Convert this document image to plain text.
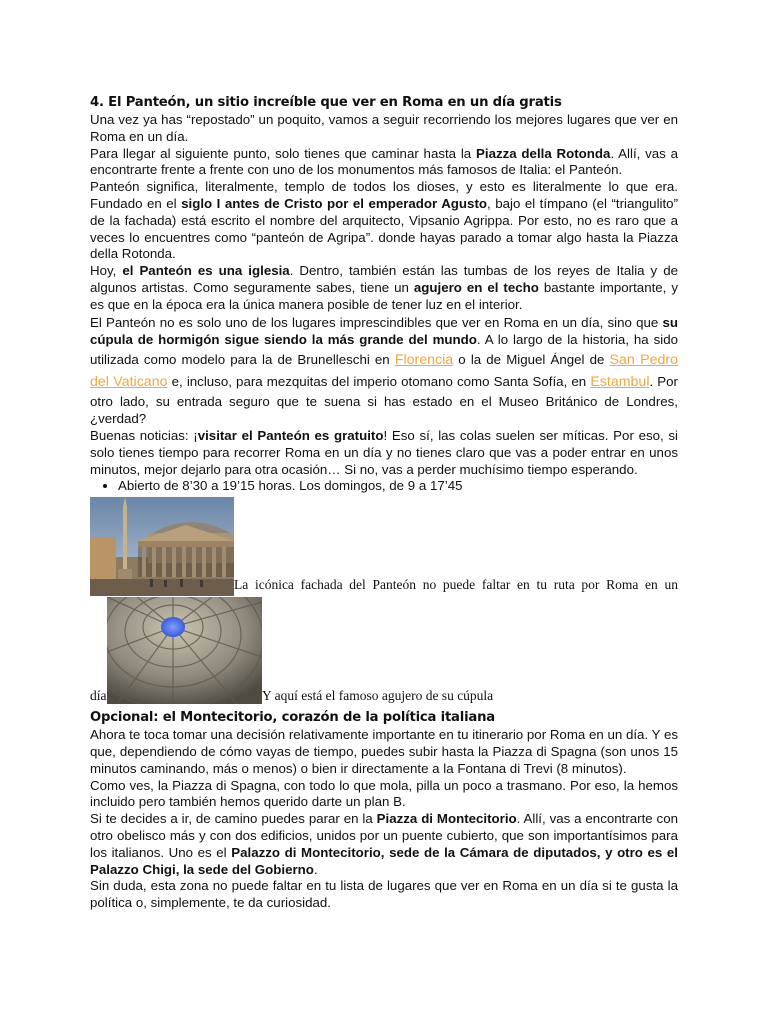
4. El Panteón, un sitio increíble que ver en Roma en un día gratis

Una vez ya has “repostado” un poquito, vamos a seguir recorriendo los mejores lugares que ver en Roma en un día.

Para llegar al siguiente punto, solo tienes que caminar hasta la Piazza della Rotonda. Allí, vas a encontrarte frente a frente con uno de los monumentos más famosos de Italia: el Panteón.

Panteón significa, literalmente, templo de todos los dioses, y esto es literalmente lo que era. Fundado en el siglo I antes de Cristo por el emperador Agusto, bajo el tímpano (el “triangulito” de la fachada) está escrito el nombre del arquitecto, Vipsanio Agrippa. Por esto, no es raro que a veces lo encuentres como “panteón de Agripa”. donde hayas parado a tomar algo hasta la Piazza della Rotonda.

Hoy, el Panteón es una iglesia. Dentro, también están las tumbas de los reyes de Italia y de algunos artistas. Como seguramente sabes, tiene un agujero en el techo bastante importante, y es que en la época era la única manera posible de tener luz en el interior.

El Panteón no es solo uno de los lugares imprescindibles que ver en Roma en un día, sino que su cúpula de hormigón sigue siendo la más grande del mundo. A lo largo de la historia, ha sido utilizada como modelo para la de Brunelleschi en Florencia o la de Miguel Ángel de San Pedro del Vaticano e, incluso, para mezquitas del imperio otomano como Santa Sofía, en Estambul. Por otro lado, su entrada seguro que te suena si has estado en el Museo Británico de Londres, ¿verdad?

Buenas noticias: ¡visitar el Panteón es gratuito! Eso sí, las colas suelen ser míticas. Por eso, si solo tienes tiempo para recorrer Roma en un día y no tienes claro que vas a poder entrar en unos minutos, mejor dejarlo para otra ocasión… Si no, vas a perder muchísimo tiempo esperando.

• Abierto de 8’30 a 19’15 horas. Los domingos, de 9 a 17’45
La icónica fachada del Panteón no puede faltar en tu ruta por Roma en un
día	Y aquí está el famoso agujero de su cúpula
Opcional: el Montecitorio, corazón de la política italiana

Ahora te toca tomar una decisión relativamente importante en tu itinerario por Roma en un día. Y es que, dependiendo de cómo vayas de tiempo, puedes subir hasta la Piazza di Spagna (son unos 15 minutos caminando, más o menos) o bien ir directamente a la Fontana di Trevi (8 minutos).

Como ves, la Piazza di Spagna, con todo lo que mola, pilla un poco a trasmano. Por eso, la hemos incluido pero también hemos querido darte un plan B.

Si te decides a ir, de camino puedes parar en la Piazza di Montecitorio. Allí, vas a encontrarte con otro obelisco más y con dos edificios, unidos por un puente cubierto, que son importantísimos para los italianos. Uno es el Palazzo di Montecitorio, sede de la Cámara de diputados, y otro es el Palazzo Chigi, la sede del Gobierno.

Sin duda, esta zona no puede faltar en tu lista de lugares que ver en Roma en un día si te gusta la política o, simplemente, te da curiosidad.
